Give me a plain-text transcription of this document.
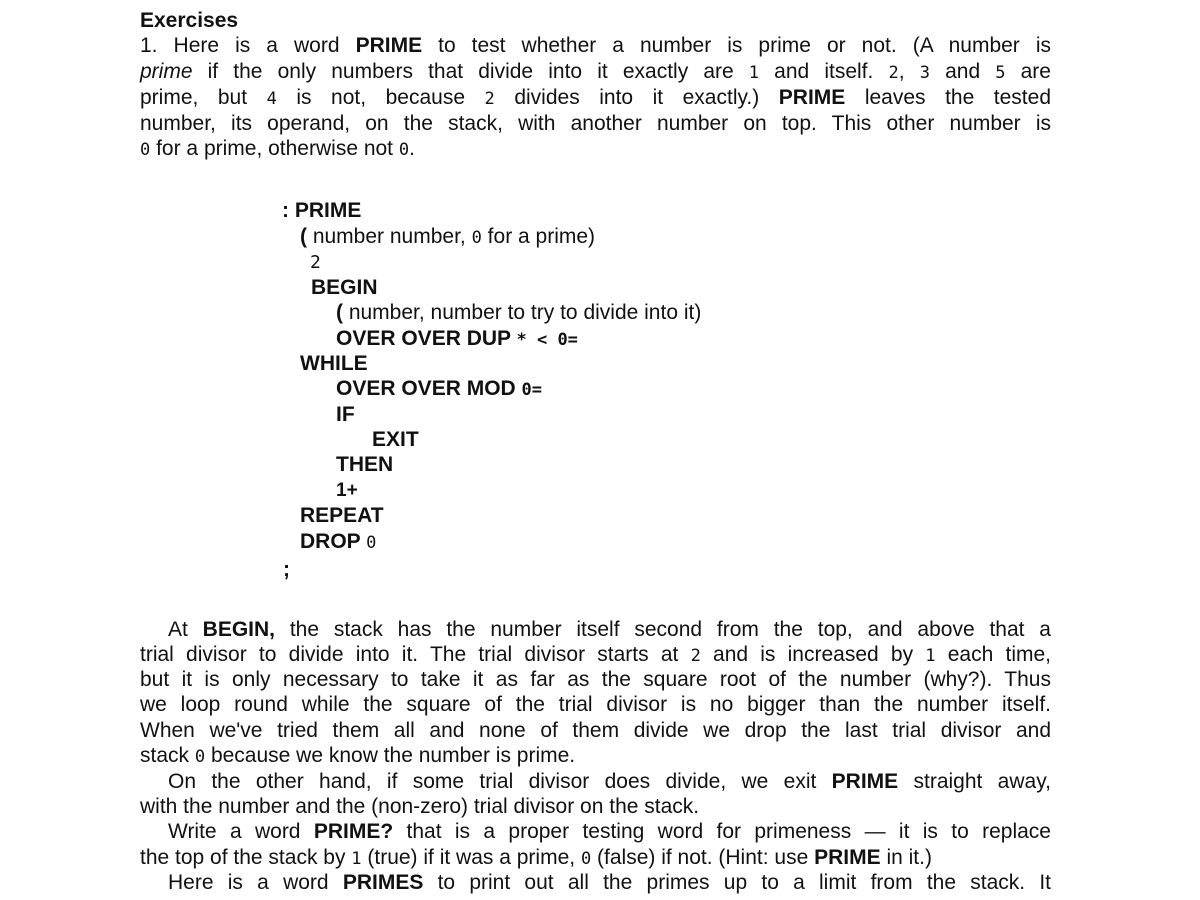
Exercises
1. Here is a word PRIME to test whether a number is prime or not. (A number is
prime if the only numbers that divide into it exactly are 1 and itself. 2, 3 and 5 are
prime, but 4 is not, because 2 divides into it exactly.) PRIME leaves the tested
number, its operand, on the stack, with another number on top. This other number is
0 for a prime, otherwise not 0.
: PRIME
( number number, 0 for a prime)
2
BEGIN
( number, number to try to divide into it)
OVER OVER DUP * < 0=
WHILE
OVER OVER MOD 0=
IF
EXIT
THEN
1+
REPEAT
DROP 0
;
At BEGIN, the stack has the number itself second from the top, and above that a
trial divisor to divide into it. The trial divisor starts at 2 and is increased by 1 each time,
but it is only necessary to take it as far as the square root of the number (why?). Thus
we loop round while the square of the trial divisor is no bigger than the number itself.
When we've tried them all and none of them divide we drop the last trial divisor and
stack 0 because we know the number is prime.
On the other hand, if some trial divisor does divide, we exit PRIME straight away,
with the number and the (non-zero) trial divisor on the stack.
Write a word PRIME? that is a proper testing word for primeness — it is to replace
the top of the stack by 1 (true) if it was a prime, 0 (false) if not. (Hint: use PRIME in it.)
Here is a word PRIMES to print out all the primes up to a limit from the stack. It
